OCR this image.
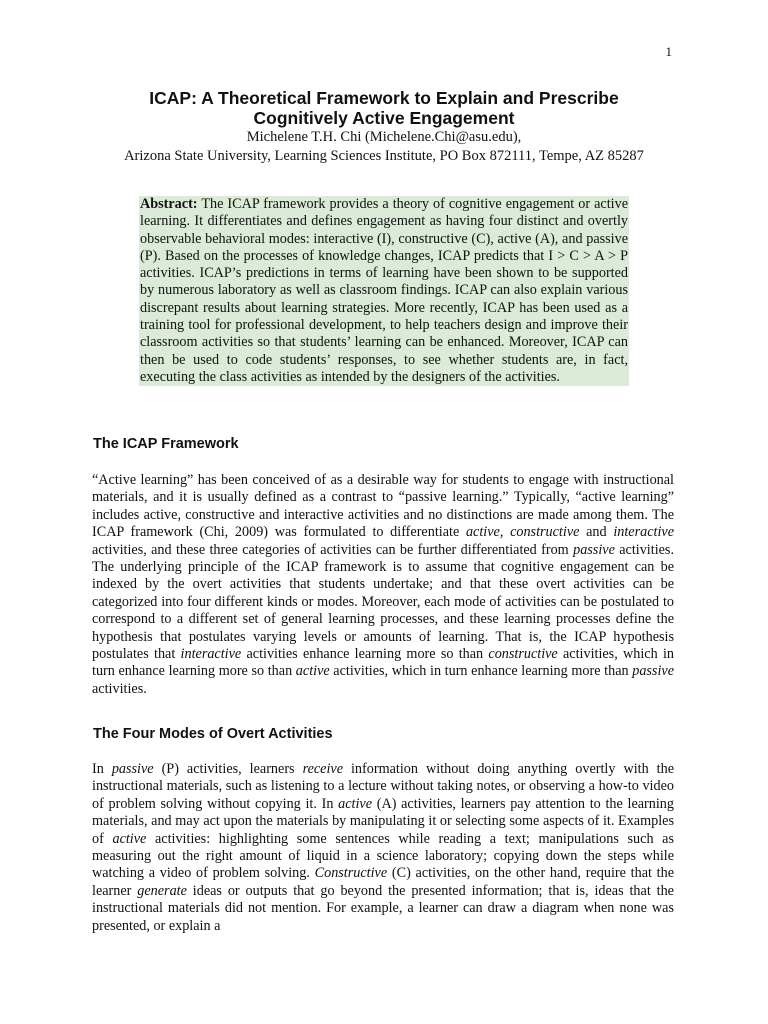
1

ICAP: A Theoretical Framework to Explain and Prescribe

Cognitively Active Engagement

Michelene T.H. Chi (Michelene.Chi@asu.edu),

Arizona State University, Learning Sciences Institute, PO Box 872111, Tempe, AZ 85287

Abstract: The ICAP framework provides a theory of cognitive engagement or active learning. It differentiates and defines engagement as having four distinct and overtly observable behavioral modes: interactive (I), constructive (C), active (A), and passive (P). Based on the processes of knowledge changes, ICAP predicts that I > C > A > P activities. ICAP’s predictions in terms of learning have been shown to be supported by numerous laboratory as well as classroom findings. ICAP can also explain various discrepant results about learning strategies. More recently, ICAP has been used as a training tool for professional development, to help teachers design and improve their classroom activities so that students’ learning can be enhanced. Moreover, ICAP can then be used to code students’ responses, to see whether students are, in fact, executing the class activities as intended by the designers of the activities.
The ICAP Framework

“Active learning” has been conceived of as a desirable way for students to engage with instructional materials, and it is usually defined as a contrast to “passive learning.” Typically, “active learning” includes active, constructive and interactive activities and no distinctions are made among them. The ICAP framework (Chi, 2009) was formulated to differentiate active, constructive and interactive activities, and these three categories of activities can be further differentiated from passive activities. The underlying principle of the ICAP framework is to assume that cognitive engagement can be indexed by the overt activities that students undertake; and that these overt activities can be categorized into four different kinds or modes. Moreover, each mode of activities can be postulated to correspond to a different set of general learning processes, and these learning processes define the hypothesis that postulates varying levels or amounts of learning. That is, the ICAP hypothesis postulates that interactive activities enhance learning more so than constructive activities, which in turn enhance learning more so than active activities, which in turn enhance learning more than passive activities.

The Four Modes of Overt Activities

In passive (P) activities, learners receive information without doing anything overtly with the instructional materials, such as listening to a lecture without taking notes, or observing a how-to video of problem solving without copying it. In active (A) activities, learners pay attention to the learning materials, and may act upon the materials by manipulating it or selecting some aspects of it. Examples of active activities: highlighting some sentences while reading a text; manipulations such as measuring out the right amount of liquid in a science laboratory; copying down the steps while watching a video of problem solving. Constructive (C) activities, on the other hand, require that the learner generate ideas or outputs that go beyond the presented information; that is, ideas that the instructional materials did not mention. For example, a learner can draw a diagram when none was presented, or explain a
